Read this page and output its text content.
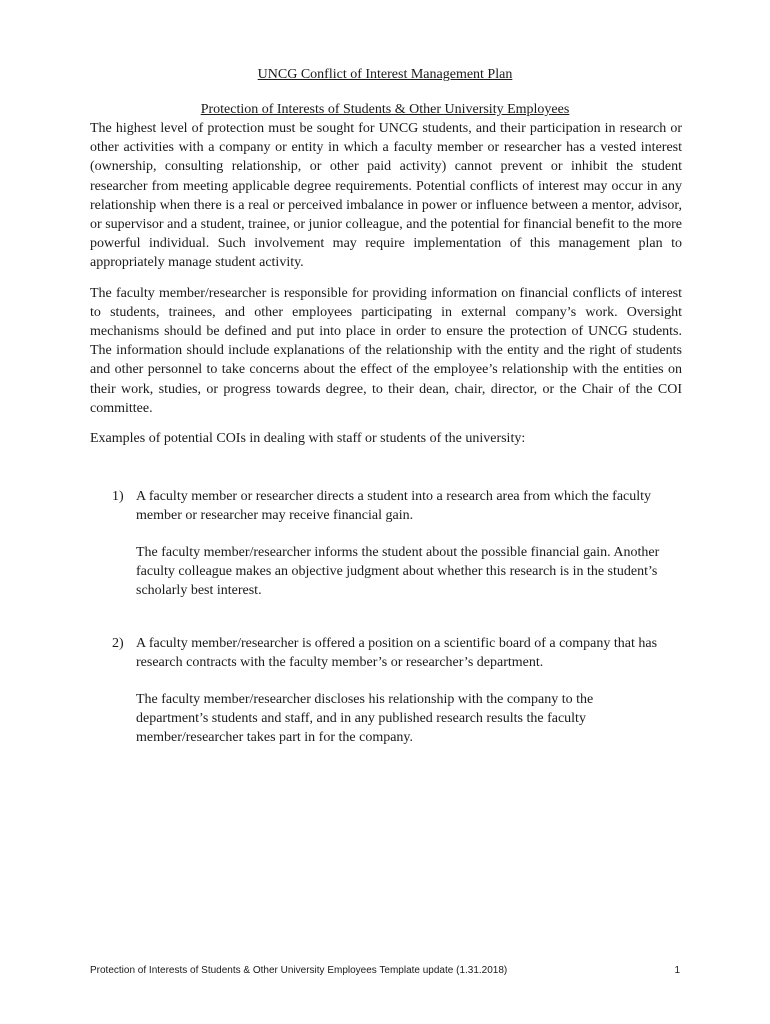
UNCG Conflict of Interest Management Plan
Protection of Interests of Students & Other University Employees

The highest level of protection must be sought for UNCG students, and their participation in research or other activities with a company or entity in which a faculty member or researcher has a vested interest (ownership, consulting relationship, or other paid activity) cannot prevent or inhibit the student researcher from meeting applicable degree requirements. Potential conflicts of interest may occur in any relationship when there is a real or perceived imbalance in power or influence between a mentor, advisor, or supervisor and a student, trainee, or junior colleague, and the potential for financial benefit to the more powerful individual. Such involvement may require implementation of this management plan to appropriately manage student activity.

The faculty member/researcher is responsible for providing information on financial conflicts of interest to students, trainees, and other employees participating in external company’s work. Oversight mechanisms should be defined and put into place in order to ensure the protection of UNCG students. The information should include explanations of the relationship with the entity and the right of students and other personnel to take concerns about the effect of the employee’s relationship with the entities on their work, studies, or progress towards degree, to their dean, chair, director, or the Chair of the COI committee.

Examples of potential COIs in dealing with staff or students of the university:

1) A faculty member or researcher directs a student into a research area from which the faculty member or researcher may receive financial gain.

The faculty member/researcher informs the student about the possible financial gain. Another faculty colleague makes an objective judgment about whether this research is in the student’s scholarly best interest.

2) A faculty member/researcher is offered a position on a scientific board of a company that has research contracts with the faculty member’s or researcher’s department.

The faculty member/researcher discloses his relationship with the company to the department’s students and staff, and in any published research results the faculty member/researcher takes part in for the company.

Protection of Interests of Students & Other University Employees Template update (1.31.2018)	1
